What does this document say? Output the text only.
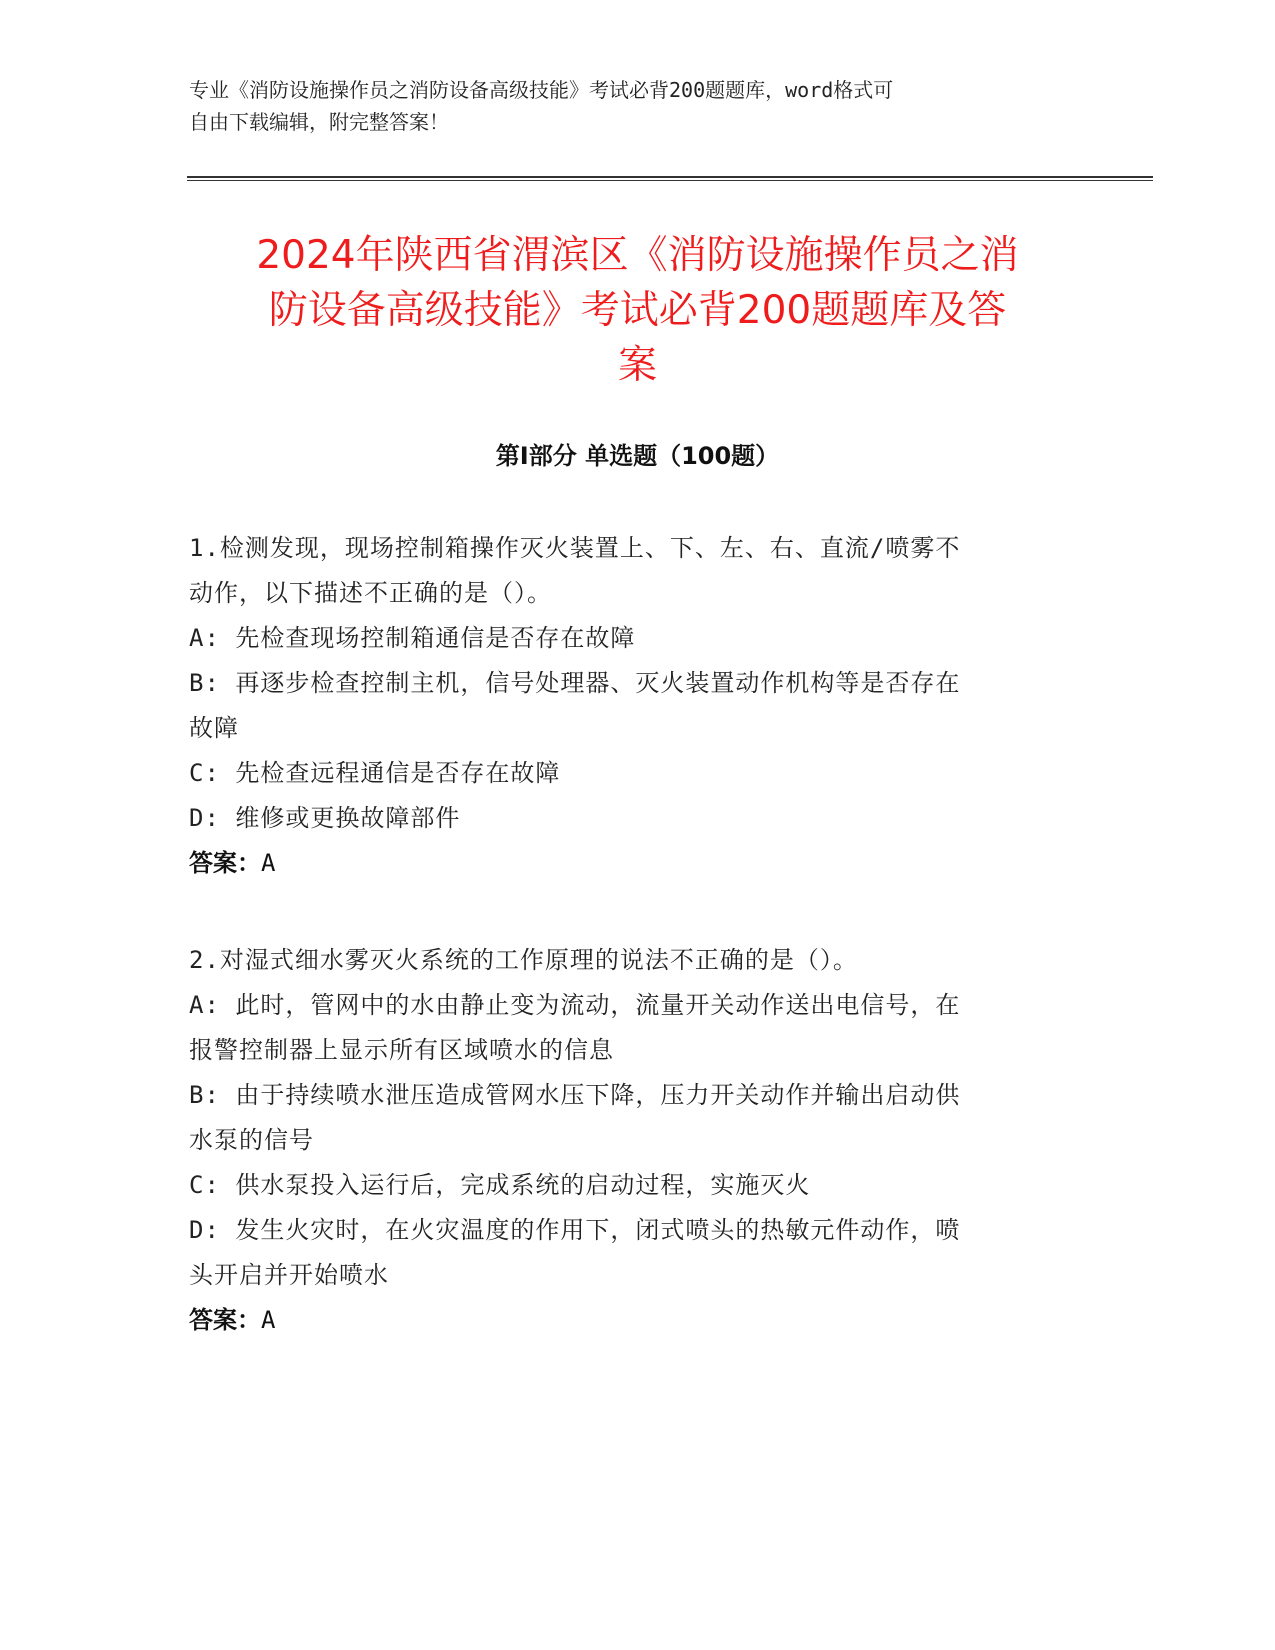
专业《消防设施操作员之消防设备高级技能》考试必背200题题库，word格式可
自由下载编辑，附完整答案！
2024年陕西省渭滨区《消防设施操作员之消
防设备高级技能》考试必背200题题库及答
案
第I部分 单选题（100题）

1.检测发现，现场控制箱操作灭火装置上、下、左、右、直流/喷雾不

动作，以下描述不正确的是（）。

A: 先检查现场控制箱通信是否存在故障

B: 再逐步检查控制主机，信号处理器、灭火装置动作机构等是否存在

故障

C: 先检查远程通信是否存在故障

D: 维修或更换故障部件

答案：A

2.对湿式细水雾灭火系统的工作原理的说法不正确的是（）。

A: 此时，管网中的水由静止变为流动，流量开关动作送出电信号，在

报警控制器上显示所有区域喷水的信息

B: 由于持续喷水泄压造成管网水压下降，压力开关动作并输出启动供

水泵的信号

C: 供水泵投入运行后，完成系统的启动过程，实施灭火

D: 发生火灾时，在火灾温度的作用下，闭式喷头的热敏元件动作，喷

头开启并开始喷水

答案：A
